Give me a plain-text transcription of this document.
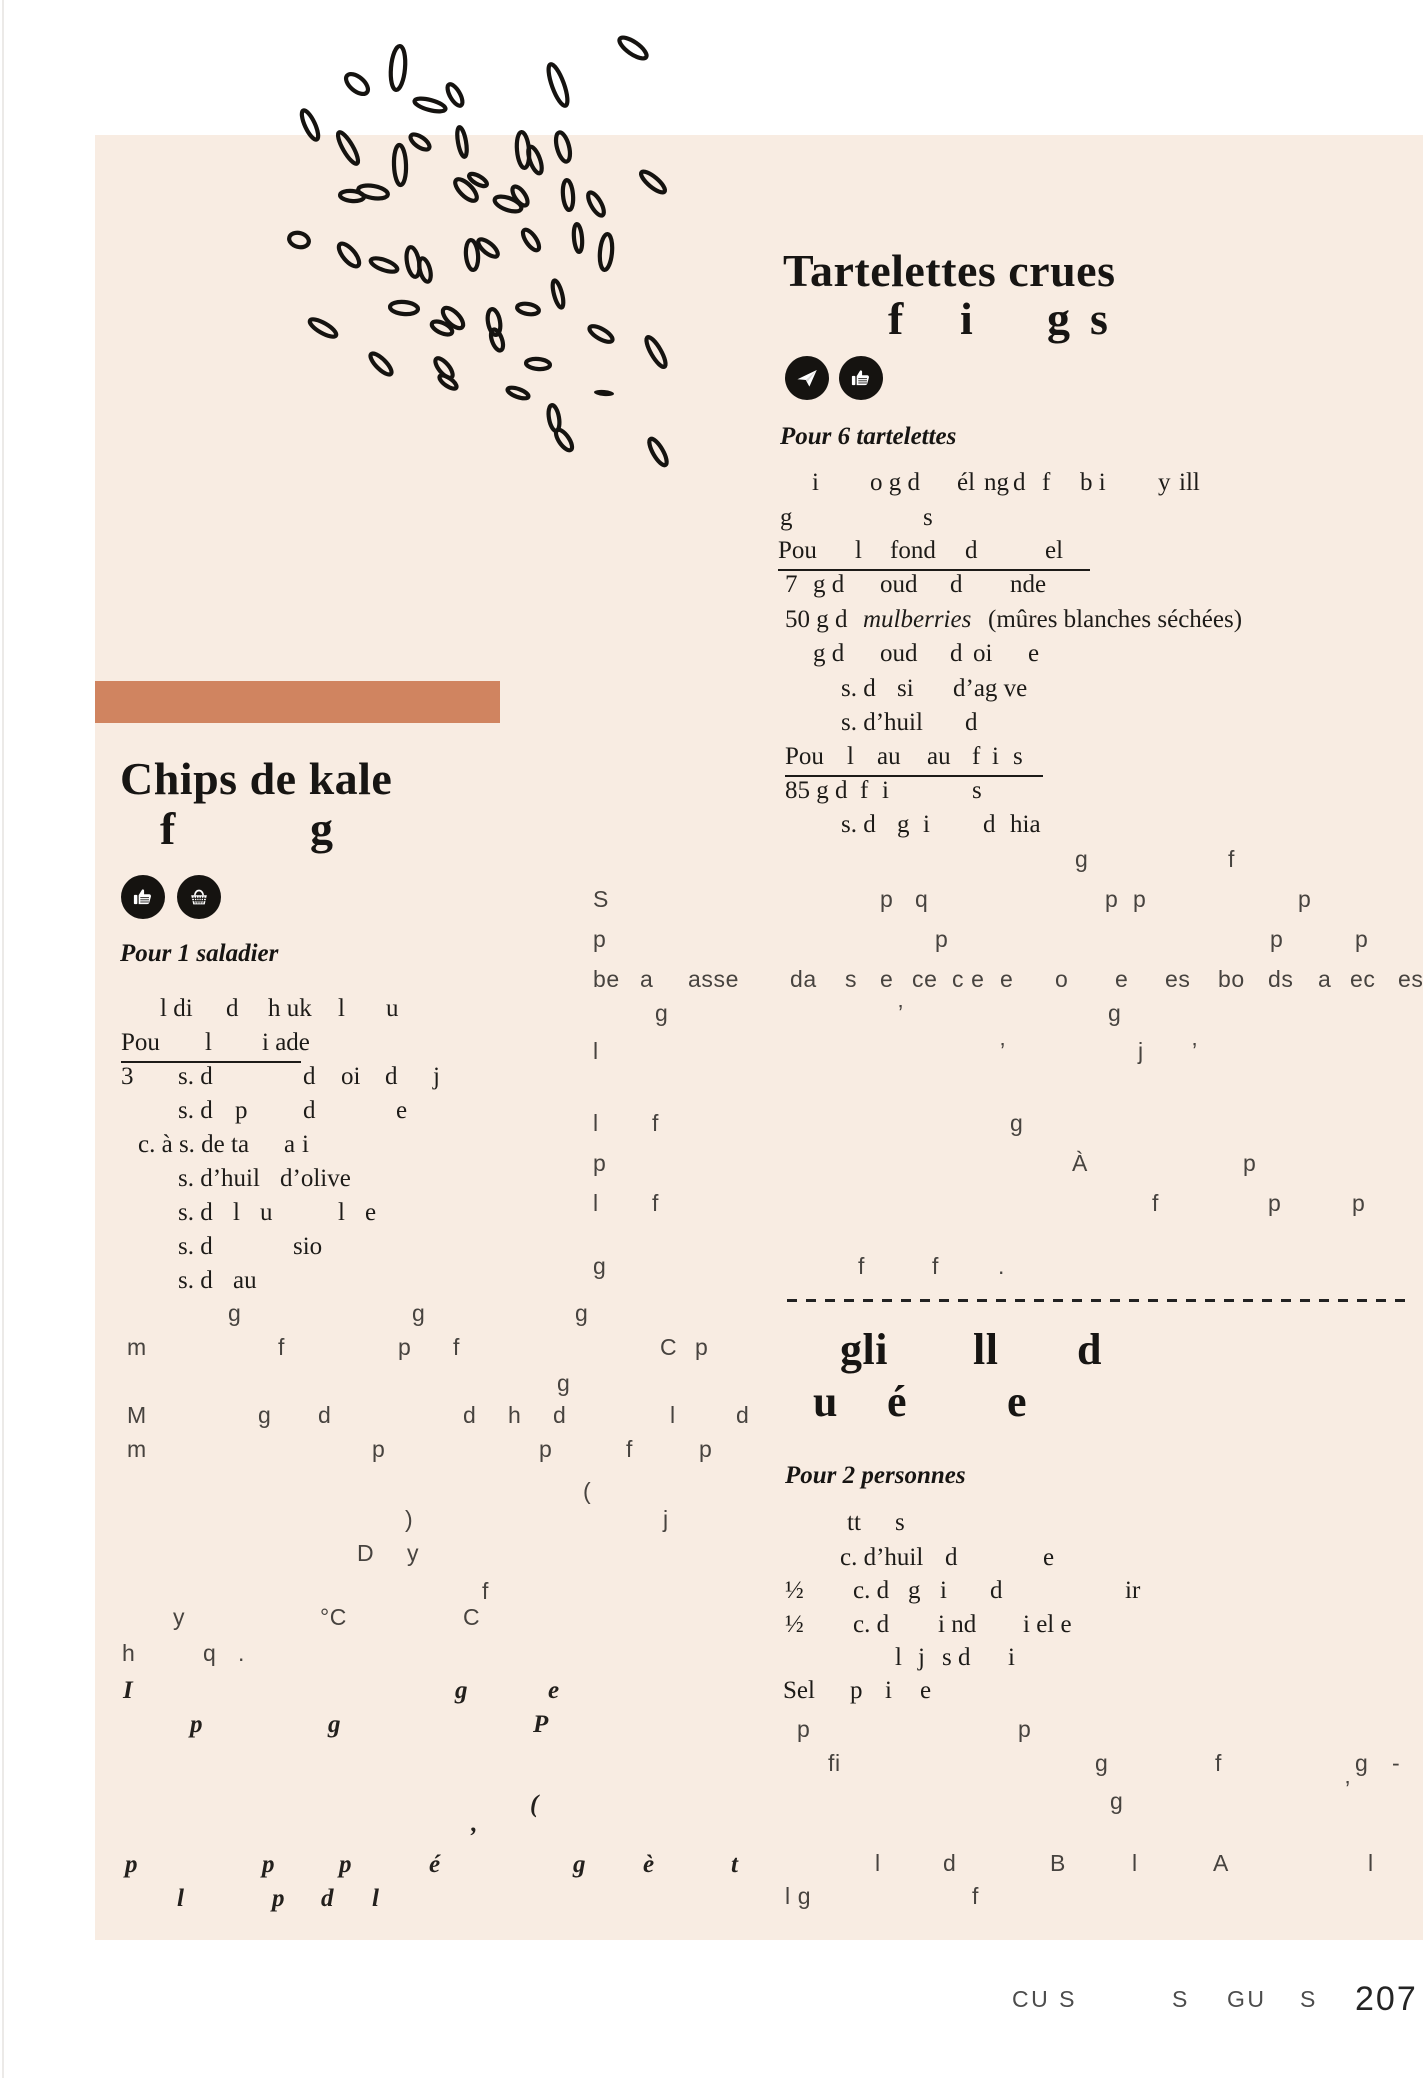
Chips de kale
Pour 1 saladier
Tartelettes crues
Pour 6 tartelettes
Pour 2 personnes
f	g
l di d h uk l u
Pou l i ade
3 s. d	d oi d j
s. d p d	e
c. à s. de ta a i
s. d’huil d’olive
s. d l u	l e
s. d	sio
s. d au
g	g	g
m	f	p f	C p
g
M	g d	d h d	l	d
m	p	p	f	p
(
)	j
D y
f
y	°C	C
h	q .
I	g	e
p	g	P
(
’
p	p	p	é	g è	t
l	p d l
f i g s
i o g d él ng d f b i y ill
g	s
Pou l fond d	el
7 g d oud d nde
50 g d mulberries (mûres blanches séchées)
g d oud d oi e
s. d si d’ag ve
s. d’huil d
Pou l au au f i s
85 g d f i	s
s. d g i d hia
g	f
S	p q	p p	p
p	p	p	p
be a asse da s e ce c e e o e es bo ds a ec es
g	’	g
l	’	j ’
l f	g
p	À	p
l f	f	p	p
g	f	f	.
gli ll d
u é e
tt s
c. d’huil d	e
½ c. d g i d	ir
½ c. d i nd i el e
l j s d i
Sel p i e
p	p
fi	g	f	g -
’
g
l	d	B	l	A	l
l g	f
CU S	S GU S 207
